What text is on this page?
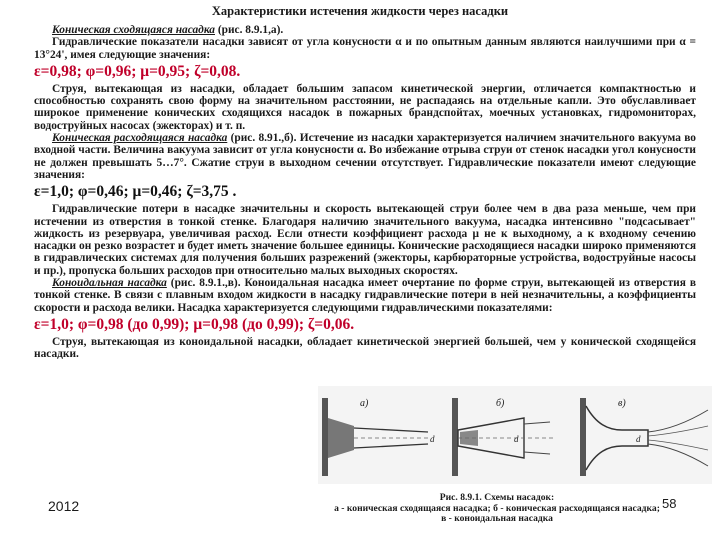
Характеристики истечения жидкости через насадки

Коническая сходящаяся насадка (рис. 8.9.1,а).

Гидравлические показатели насадки зависят от угла конусности α и по опытным данным являются наилучшими при α = 13°24', имея следующие значения:

ε=0,98; φ=0,96; μ=0,95; ζ=0,08.

Струя, вытекающая из насадки, обладает большим запасом кинетической энергии, отличается компактностью и способностью сохранять свою форму на значительном расстоянии, не распадаясь на отдельные капли. Это обуславливает широкое применение конических сходящихся насадок в пожарных брандспойтах, моечных установках, гидромониторах, водоструйных насосах (эжекторах) и т. п.

Коническая расходящаяся насадка (рис. 8.91.,б). Истечение из насадки характеризуется наличием значительного вакуума во входной части. Величина вакуума зависит от угла конусности α. Во избежание отрыва струи от стенок насадки угол конусности не должен превышать 5…7°. Сжатие струи в выходном сечении отсутствует. Гидравлические показатели имеют следующие значения:

ε=1,0; φ=0,46; μ=0,46; ζ=3,75 .

Гидравлические потери в насадке значительны и скорость вытекающей струи более чем в два раза меньше, чем при истечении из отверстия в тонкой стенке. Благодаря наличию значительного вакуума, насадка интенсивно "подсасывает" жидкость из резервуара, увеличивая расход. Если отнести коэффициент расхода μ не к выходному, а к входному сечению насадки он резко возрастет и будет иметь значение большее единицы. Конические расходящиеся насадки широко применяются в гидравлических системах для получения больших разрежений (эжекторы, карбюраторные устройства, водоструйные насосы и пр.), пропуска больших расходов при относительно малых выходных скоростях.

Коноидальная насадка (рис. 8.9.1.,в). Коноидальная насадка имеет очертание по форме струи, вытекающей из отверстия в тонкой стенке. В связи с плавным входом жидкости в насадку гидравлические потери в ней незначительны, а коэффициенты скорости и расхода велики. Насадка характеризуется следующими гидравлическими показателями:

ε=1,0; φ=0,98 (до 0,99); μ=0,98 (до 0,99); ζ=0,06.

Струя, вытекающая из коноидальной насадки, обладает кинетической энергией большей, чем у конической сходящейся насадки.

а)
d
б)
d
в)
d
Рис. 8.9.1. Схемы насадок:
а - коническая сходящаяся насадка; б - коническая расходящаяся насадка;
в - коноидальная насадка
2012	58
